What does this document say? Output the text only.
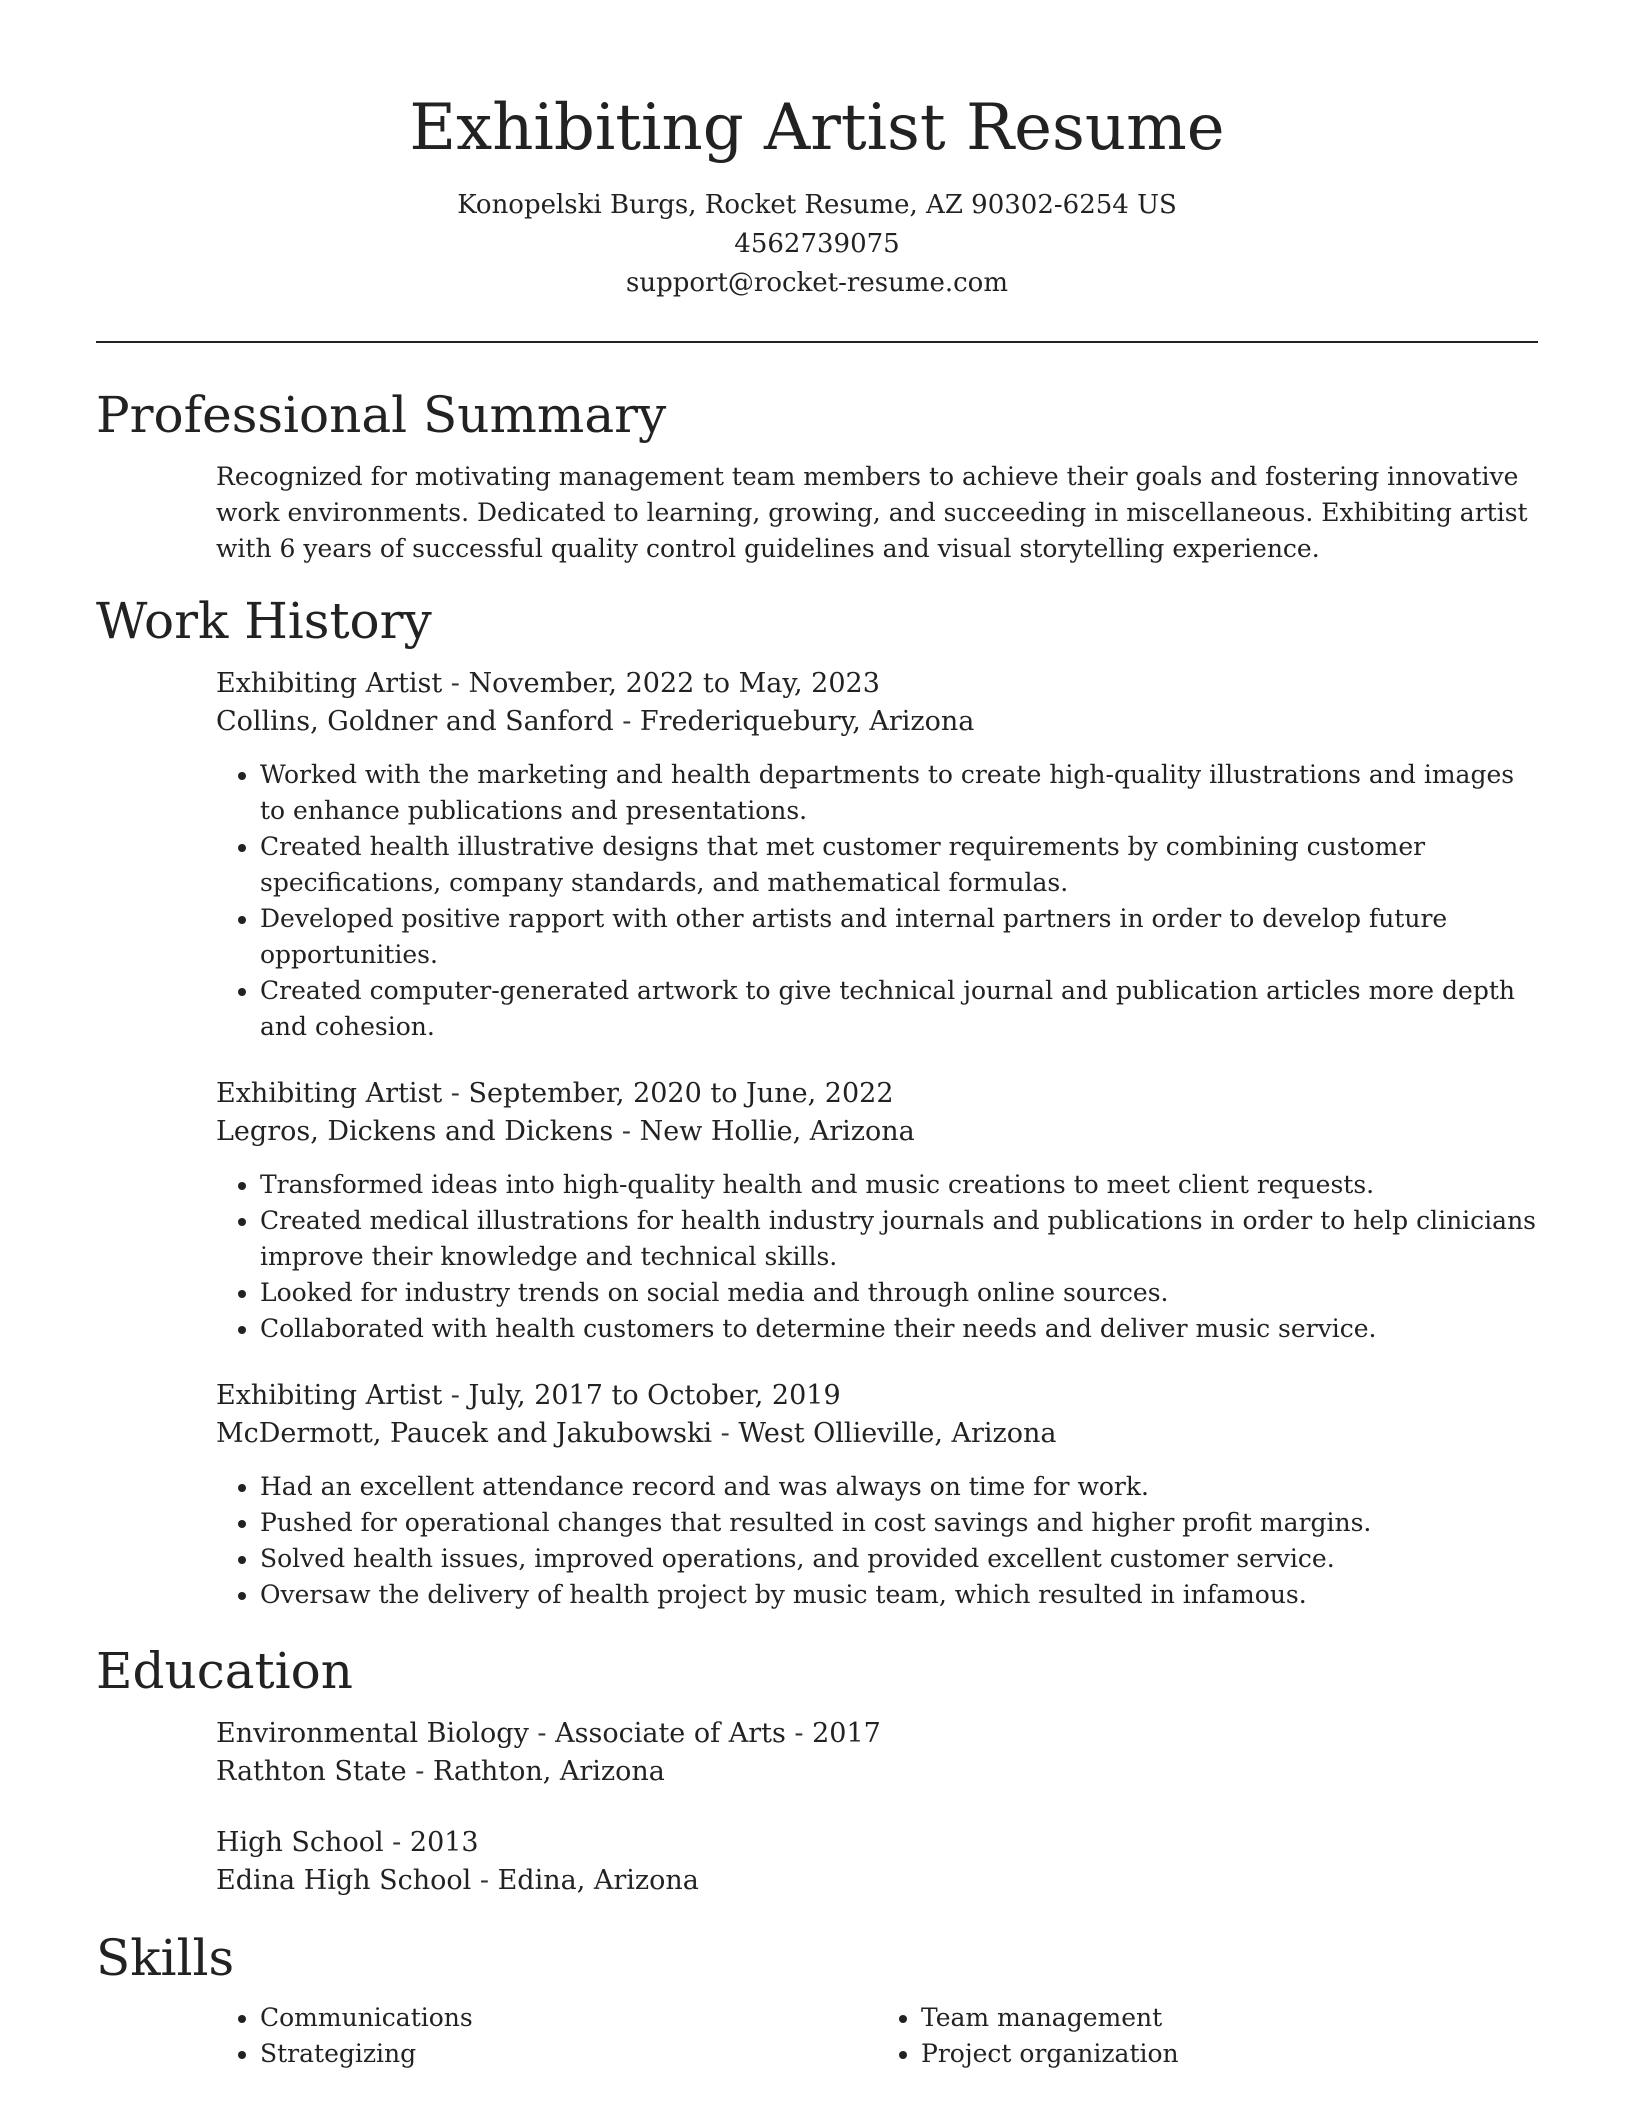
Exhibiting Artist Resume
Konopelski Burgs, Rocket Resume, AZ 90302-6254 US
4562739075
support@rocket-resume.com
Professional Summary
Recognized for motivating management team members to achieve their goals and fostering innovative work environments. Dedicated to learning, growing, and succeeding in miscellaneous. Exhibiting artist with 6 years of successful quality control guidelines and visual storytelling experience.
Work History
Exhibiting Artist - November, 2022 to May, 2023
Collins, Goldner and Sanford - Frederiquebury, Arizona
• Worked with the marketing and health departments to create high-quality illustrations and images to enhance publications and presentations.
• Created health illustrative designs that met customer requirements by combining customer specifications, company standards, and mathematical formulas.
• Developed positive rapport with other artists and internal partners in order to develop future opportunities.
• Created computer-generated artwork to give technical journal and publication articles more depth and cohesion.
Exhibiting Artist - September, 2020 to June, 2022
Legros, Dickens and Dickens - New Hollie, Arizona
• Transformed ideas into high-quality health and music creations to meet client requests.
• Created medical illustrations for health industry journals and publications in order to help clinicians improve their knowledge and technical skills.
• Looked for industry trends on social media and through online sources.
• Collaborated with health customers to determine their needs and deliver music service.
Exhibiting Artist - July, 2017 to October, 2019
McDermott, Paucek and Jakubowski - West Ollieville, Arizona
• Had an excellent attendance record and was always on time for work.
• Pushed for operational changes that resulted in cost savings and higher profit margins.
• Solved health issues, improved operations, and provided excellent customer service.
• Oversaw the delivery of health project by music team, which resulted in infamous.
Education
Environmental Biology - Associate of Arts - 2017
Rathton State - Rathton, Arizona
High School - 2013
Edina High School - Edina, Arizona
Skills
• Communications
• Strategizing
• Team management
• Project organization
